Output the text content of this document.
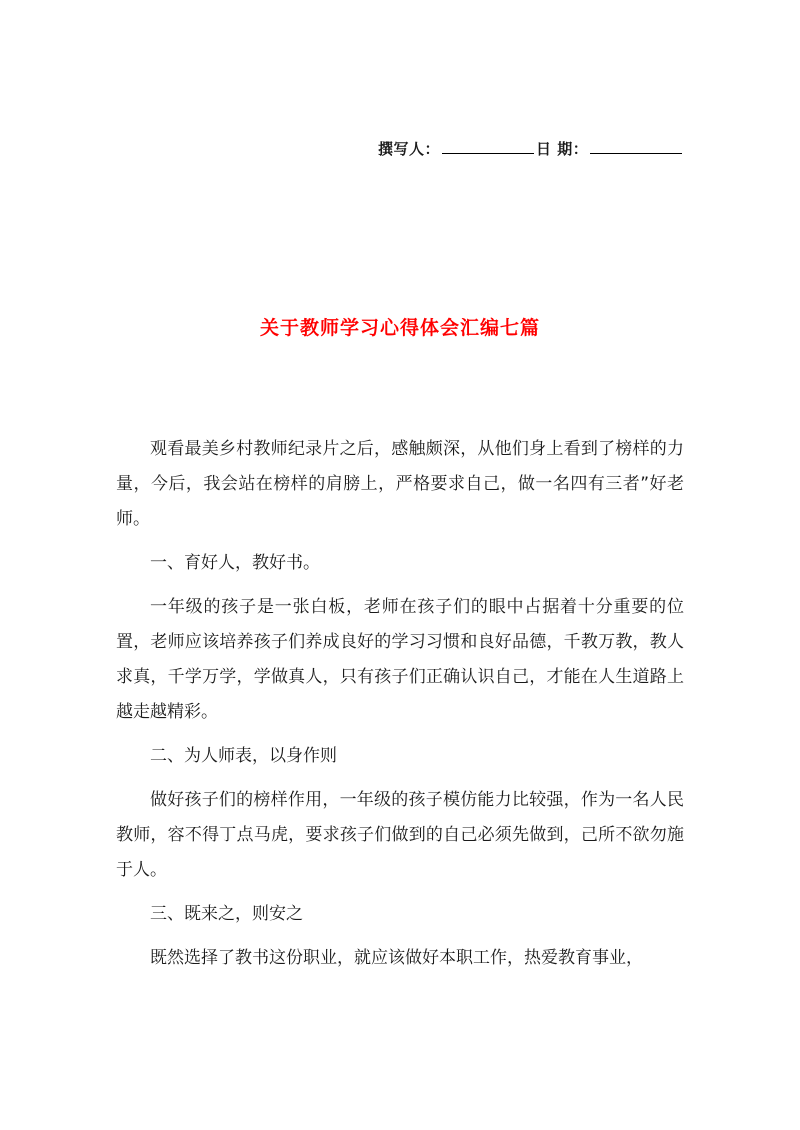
撰写人：	日 期：
关于教师学习心得体会汇编七篇

观看最美乡村教师纪录片之后，感触颇深，从他们身上看到了榜样的力量，今后，我会站在榜样的肩膀上，严格要求自己，做一名四有三者”好老师。

一、育好人，教好书。

一年级的孩子是一张白板，老师在孩子们的眼中占据着十分重要的位置，老师应该培养孩子们养成良好的学习习惯和良好品德，千教万教，教人求真，千学万学，学做真人，只有孩子们正确认识自己，才能在人生道路上越走越精彩。

二、为人师表，以身作则

做好孩子们的榜样作用，一年级的孩子模仿能力比较强，作为一名人民教师，容不得丁点马虎，要求孩子们做到的自己必须先做到，己所不欲勿施于人。

三、既来之，则安之

既然选择了教书这份职业，就应该做好本职工作，热爱教育事业，
